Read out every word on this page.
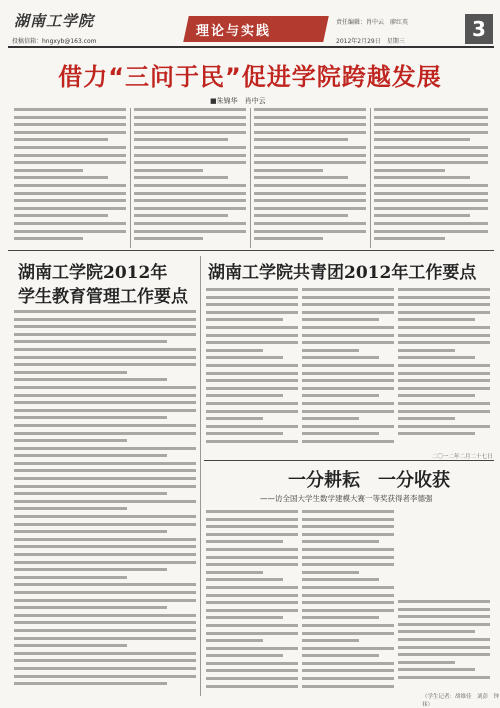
湖南工学院
投稿信箱：hngxyb@163.com
理论与实践
责任编辑：肖中云　廖红英
2012年2月29日　星期三
3
借力“三问于民”促进学院跨越发展
■朱锦华　肖中云
湖南工学院2012年
学生教育管理工作要点
湖南工学院共青团2012年工作要点
二〇一二年二月二十七日
一分耕耘　一分收获
——访全国大学生数学建模大赛一等奖获得者李德强
（学生记者：胡维佳　刘彭　钟祎）
